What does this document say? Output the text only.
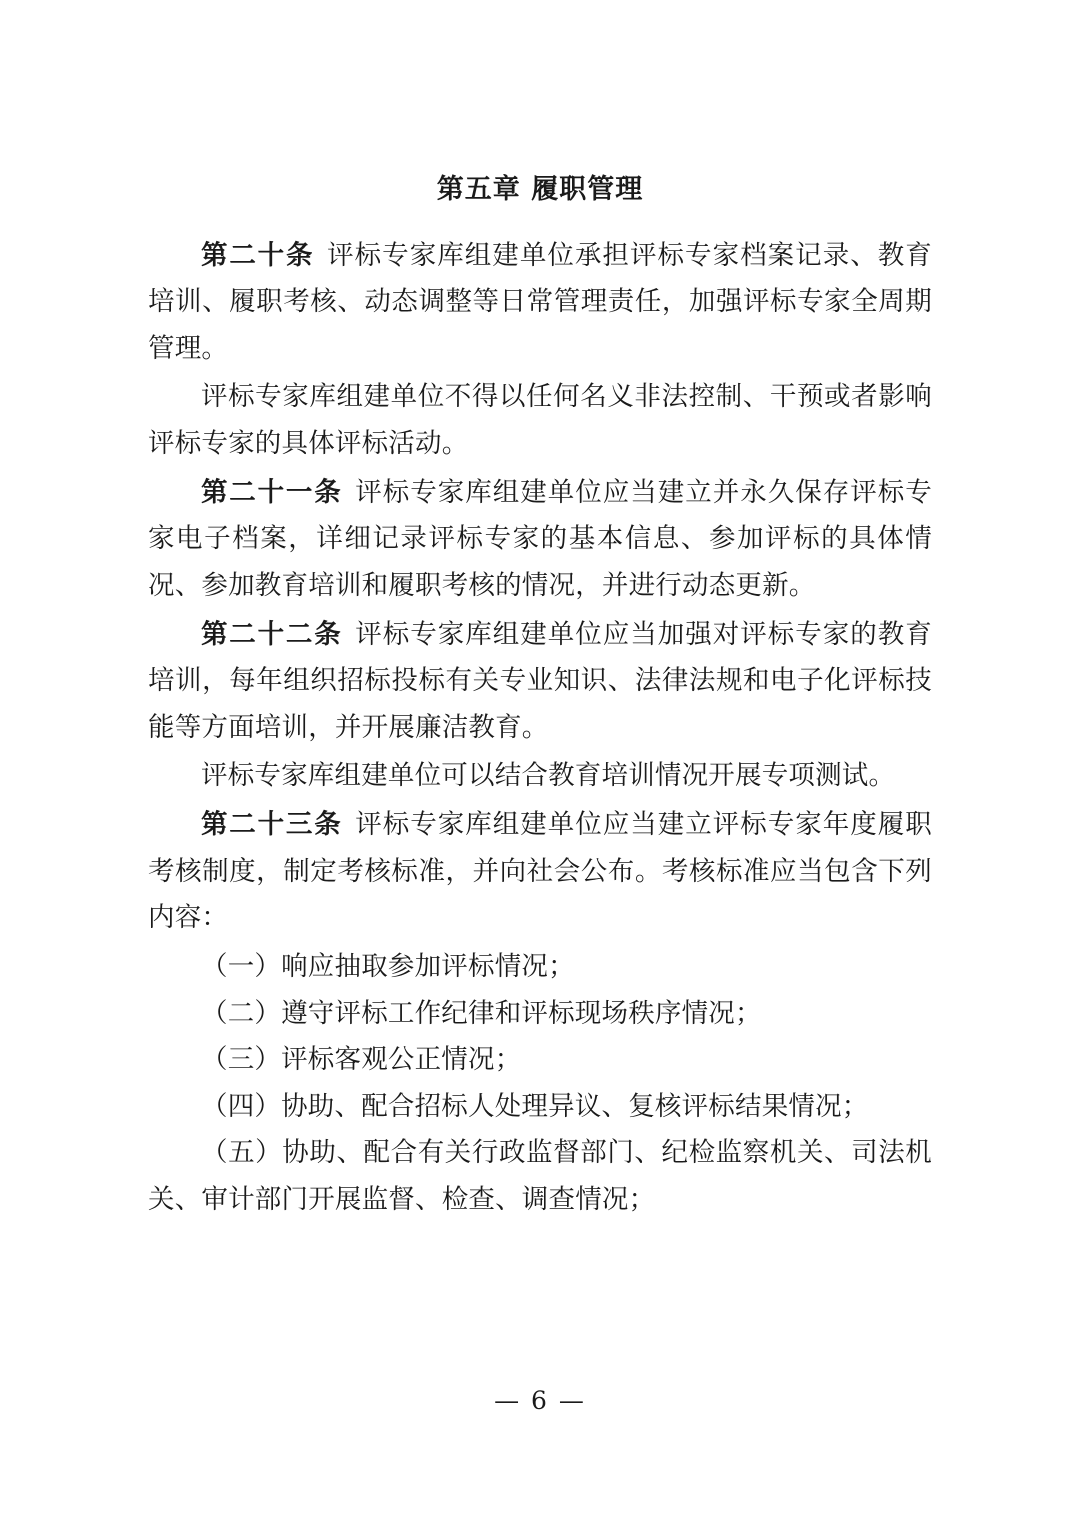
第五章 履职管理

第二十条 评标专家库组建单位承担评标专家档案记录、教育培训、履职考核、动态调整等日常管理责任，加强评标专家全周期管理。

评标专家库组建单位不得以任何名义非法控制、干预或者影响评标专家的具体评标活动。

第二十一条 评标专家库组建单位应当建立并永久保存评标专家电子档案，详细记录评标专家的基本信息、参加评标的具体情况、参加教育培训和履职考核的情况，并进行动态更新。

第二十二条 评标专家库组建单位应当加强对评标专家的教育培训，每年组织招标投标有关专业知识、法律法规和电子化评标技能等方面培训，并开展廉洁教育。

评标专家库组建单位可以结合教育培训情况开展专项测试。

第二十三条 评标专家库组建单位应当建立评标专家年度履职考核制度，制定考核标准，并向社会公布。考核标准应当包含下列内容：

（一）响应抽取参加评标情况；

（二）遵守评标工作纪律和评标现场秩序情况；

（三）评标客观公正情况；

（四）协助、配合招标人处理异议、复核评标结果情况；

（五）协助、配合有关行政监督部门、纪检监察机关、司法机关、审计部门开展监督、检查、调查情况；

— 6 —
